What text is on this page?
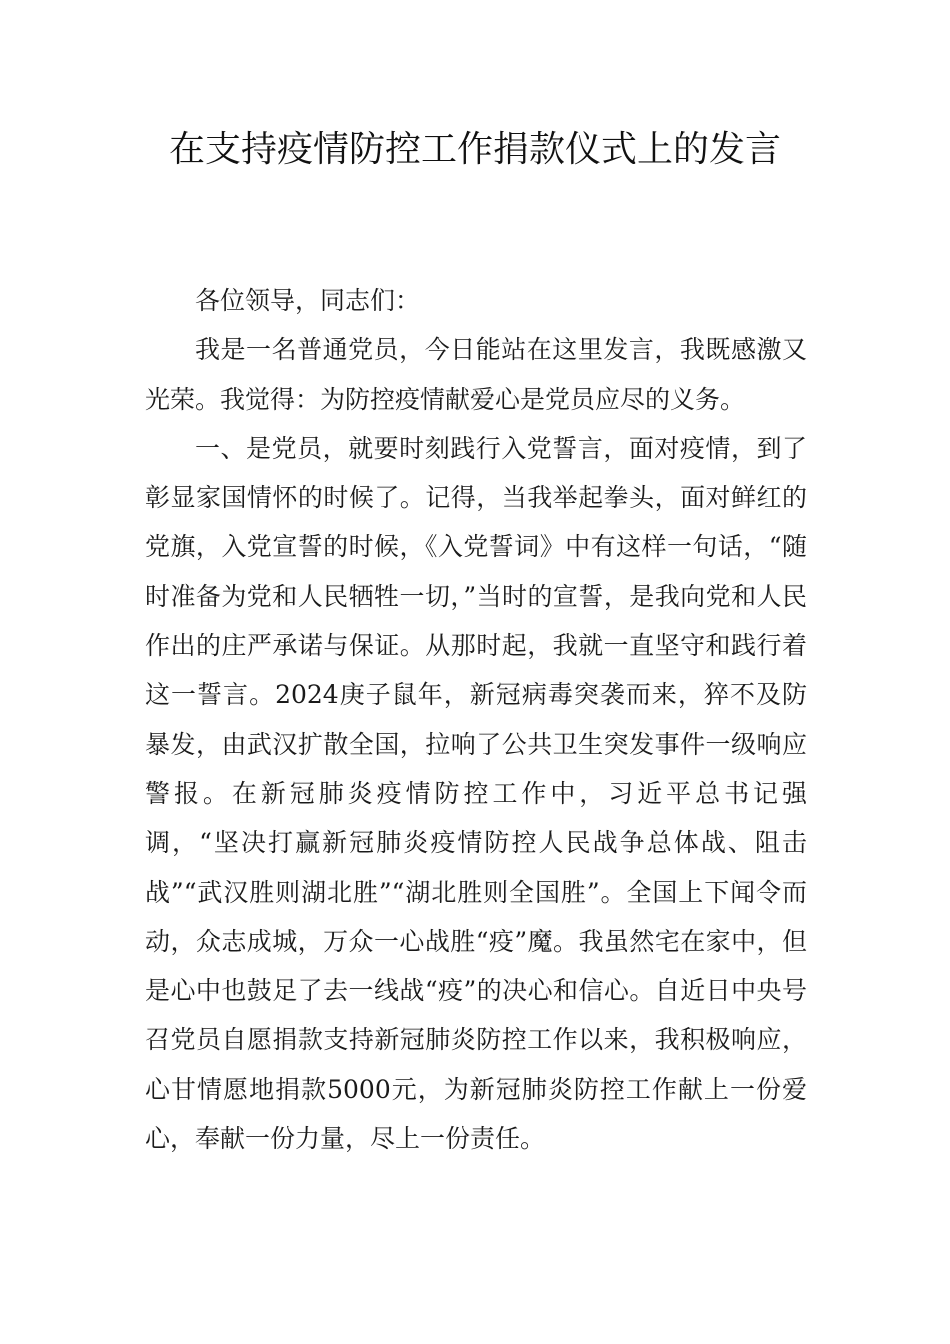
在支持疫情防控工作捐款仪式上的发言

各位领导，同志们：

我是一名普通党员，今日能站在这里发言，我既感激又光荣。我觉得：为防控疫情献爱心是党员应尽的义务。

一、是党员，就要时刻践行入党誓言，面对疫情，到了彰显家国情怀的时候了。记得，当我举起拳头，面对鲜红的党旗，入党宣誓的时候，《入党誓词》中有这样一句话，“随时准备为党和人民牺牲一切，”当时的宣誓，是我向党和人民作出的庄严承诺与保证。从那时起，我就一直坚守和践行着这一誓言。2024庚子鼠年，新冠病毒突袭而来，猝不及防暴发，由武汉扩散全国，拉响了公共卫生突发事件一级响应警报。在新冠肺炎疫情防控工作中，习近平总书记强调，“坚决打赢新冠肺炎疫情防控人民战争总体战、阻击战”“武汉胜则湖北胜”“湖北胜则全国胜”。全国上下闻令而动，众志成城，万众一心战胜“疫”魔。我虽然宅在家中，但是心中也鼓足了去一线战“疫”的决心和信心。自近日中央号召党员自愿捐款支持新冠肺炎防控工作以来，我积极响应，心甘情愿地捐款5000元，为新冠肺炎防控工作献上一份爱心，奉献一份力量，尽上一份责任。
